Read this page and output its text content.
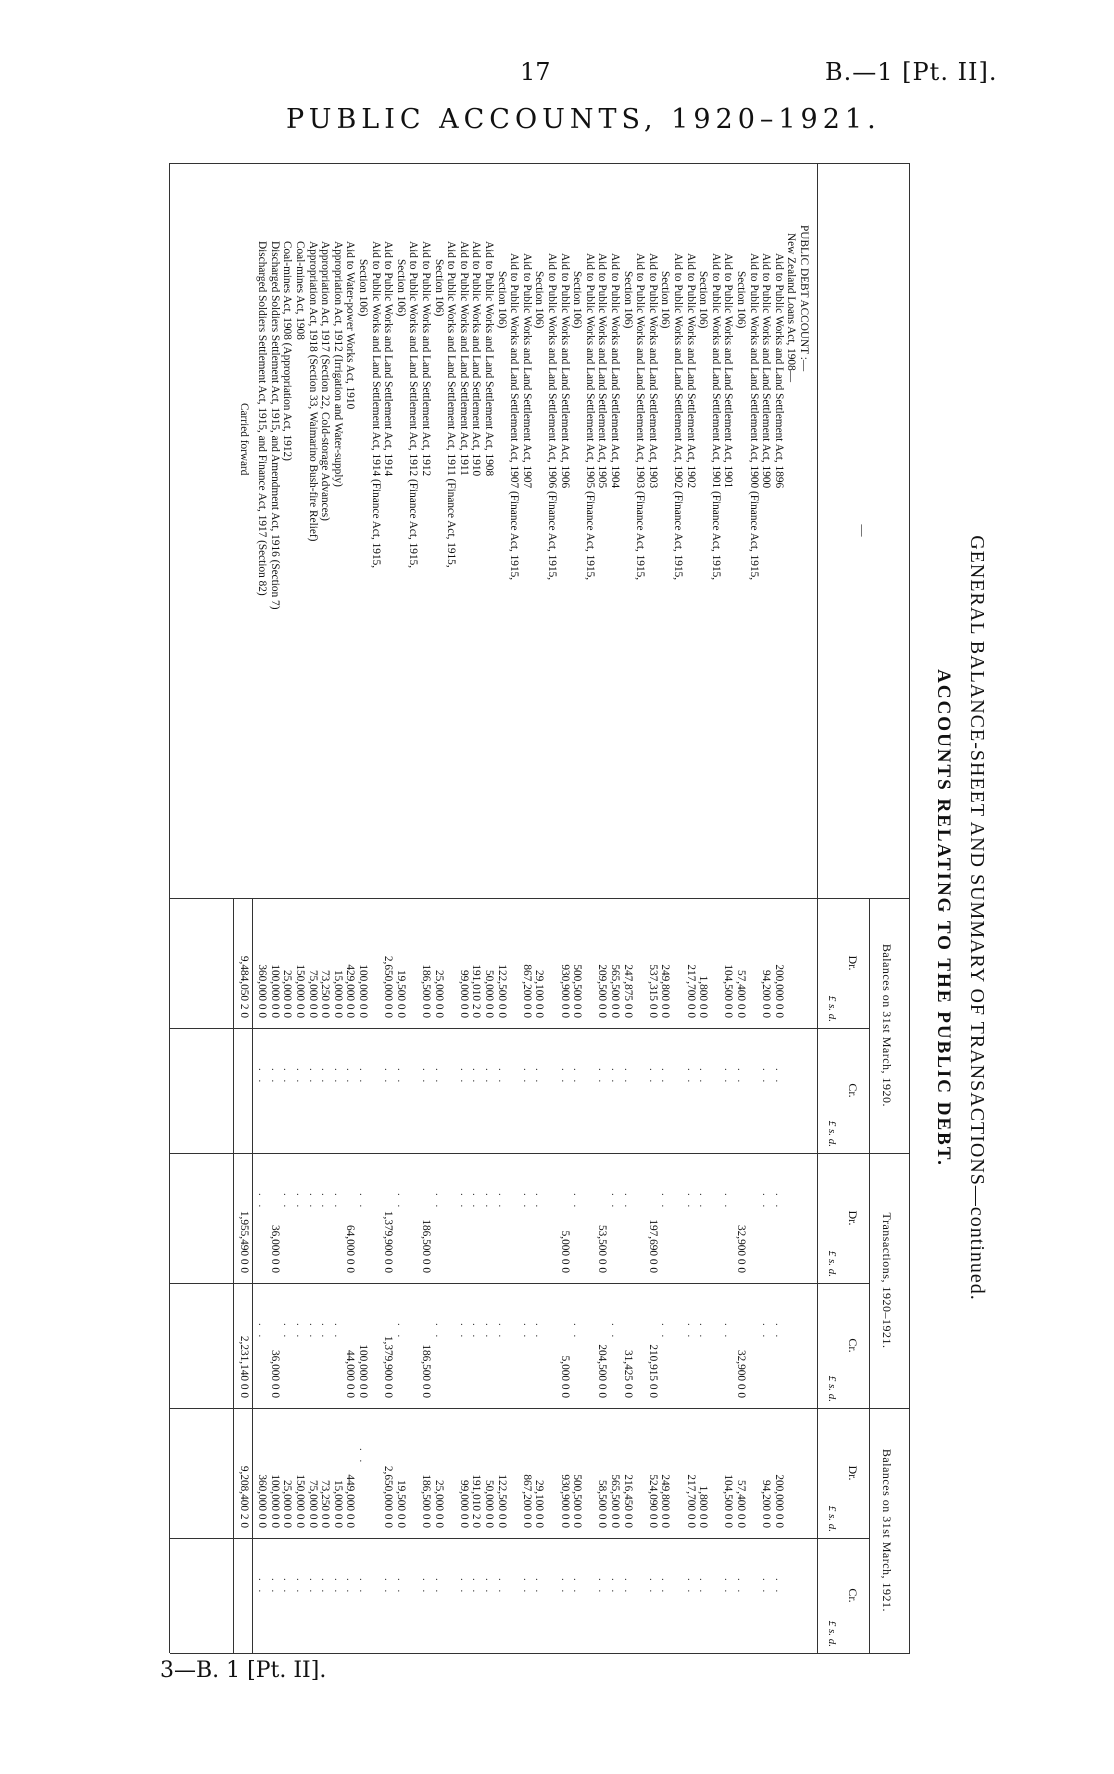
17	B.—1 [Pt. II].
PUBLIC ACCOUNTS, 1920–1921.
GENERAL BALANCE-SHEET AND SUMMARY OF TRANSACTIONS—continued.
ACCOUNTS RELATING TO THE PUBLIC DEBT.
—
Balances on 31st March, 1920.
Dr.
£ s. d.
Cr.
£ s. d.
Transactions, 1920–1921.
Dr.
£ s. d.
Cr.
£ s. d.
Balances on 31st March, 1921.
Dr.
£ s. d.
Cr.
£ s. d.
PUBLIC DEBT ACCOUNT :—
New Zealand Loans Act, 1908—
Aid to Public Works and Land Settlement Act, 1896
200,000 0 0
. .
. .
. .
200,000 0 0
. .
Aid to Public Works and Land Settlement Act, 1900
94,200 0 0
. .
. .
. .
94,200 0 0
. .
Aid to Public Works and Land Settlement Act, 1900 (Finance Act, 1915,
Section 106)
57,400 0 0
. .
32,900 0 0
32,900 0 0
57,400 0 0
. .
Aid to Public Works and Land Settlement Act, 1901
104,500 0 0
. .
. .
. .
104,500 0 0
. .
Aid to Public Works and Land Settlement Act, 1901 (Finance Act, 1915,
Section 106)
1,800 0 0
. .
. .
. .
1,800 0 0
. .
Aid to Public Works and Land Settlement Act, 1902
217,700 0 0
. .
. .
. .
217,700 0 0
. .
Aid to Public Works and Land Settlement Act, 1902 (Finance Act, 1915,
Section 106)
249,800 0 0
. .
. .
. .
249,800 0 0
. .
Aid to Public Works and Land Settlement Act, 1903
537,315 0 0
. .
197,690 0 0
210,915 0 0
524,090 0 0
. .
Aid to Public Works and Land Settlement Act, 1903 (Finance Act, 1915,
Section 106)
247,875 0 0
. .
. .
31,425 0 0
216,450 0 0
. .
Aid to Public Works and Land Settlement Act, 1904
565,500 0 0
. .
. .
. .
565,500 0 0
. .
Aid to Public Works and Land Settlement Act, 1905
209,500 0 0
. .
53,500 0 0
204,500 0 0
58,500 0 0
. .
Aid to Public Works and Land Settlement Act, 1905 (Finance Act, 1915,
Section 106)
500,500 0 0
. .
. .
. .
500,500 0 0
. .
Aid to Public Works and Land Settlement Act, 1906
930,900 0 0
. .
5,000 0 0
5,000 0 0
930,900 0 0
. .
Aid to Public Works and Land Settlement Act, 1906 (Finance Act, 1915,
Section 106)
29,100 0 0
. .
. .
. .
29,100 0 0
. .
Aid to Public Works and Land Settlement Act, 1907
867,200 0 0
. .
. .
. .
867,200 0 0
. .
Aid to Public Works and Land Settlement Act, 1907 (Finance Act, 1915,
Section 106)
122,500 0 0
. .
. .
. .
122,500 0 0
. .
Aid to Public Works and Land Settlement Act, 1908
50,000 0 0
. .
. .
. .
50,000 0 0
. .
Aid to Public Works and Land Settlement Act, 1910
191,010 2 0
. .
. .
. .
191,010 2 0
. .
Aid to Public Works and Land Settlement Act, 1911
99,000 0 0
. .
. .
. .
99,000 0 0
. .
Aid to Public Works and Land Settlement Act, 1911 (Finance Act, 1915,
Section 106)
25,000 0 0
. .
. .
. .
25,000 0 0
. .
Aid to Public Works and Land Settlement Act, 1912
186,500 0 0
. .
186,500 0 0
186,500 0 0
186,500 0 0
. .
Aid to Public Works and Land Settlement Act, 1912 (Finance Act, 1915,
Section 106)
19,500 0 0
. .
. .
. .
19,500 0 0
. .
Aid to Public Works and Land Settlement Act, 1914
2,650,000 0 0
. .
1,379,900 0 0
1,379,900 0 0
2,650,000 0 0
. .
Aid to Public Works and Land Settlement Act, 1914 (Finance Act, 1915,
Section 106)
100,000 0 0
. .
. .
100,000 0 0
. .
. .
Aid to Water-power Works Act, 1910
429,000 0 0
. .
64,000 0 0
44,000 0 0
449,000 0 0
. .
Appropriation Act, 1912 (Irrigation and Water-supply)
15,000 0 0
. .
. .
. .
15,000 0 0
. .
Appropriation Act, 1917 (Section 22, Cold-storage Advances)
73,250 0 0
. .
. .
. .
73,250 0 0
. .
Appropriation Act, 1918 (Section 33, Waimarino Bush-fire Relief)
75,000 0 0
. .
. .
. .
75,000 0 0
. .
Coal-mines Act, 1908
150,000 0 0
. .
. .
. .
150,000 0 0
. .
Coal-mines Act, 1908 (Appropriation Act, 1912)
25,000 0 0
. .
. .
. .
25,000 0 0
. .
Discharged Soldiers Settlement Act, 1915, and Amendment Act, 1916 (Section 7)
100,000 0 0
. .
36,000 0 0
36,000 0 0
100,000 0 0
. .
Discharged Soldiers Settlement Act, 1915, and Finance Act, 1917 (Section 82)
360,000 0 0
. .
. .
. .
360,000 0 0
. .
Carried forward
9,484,050 2 0
1,955,490 0 0
2,231,140 0 0
9,208,400 2 0
3—B. 1 [Pt. II].
